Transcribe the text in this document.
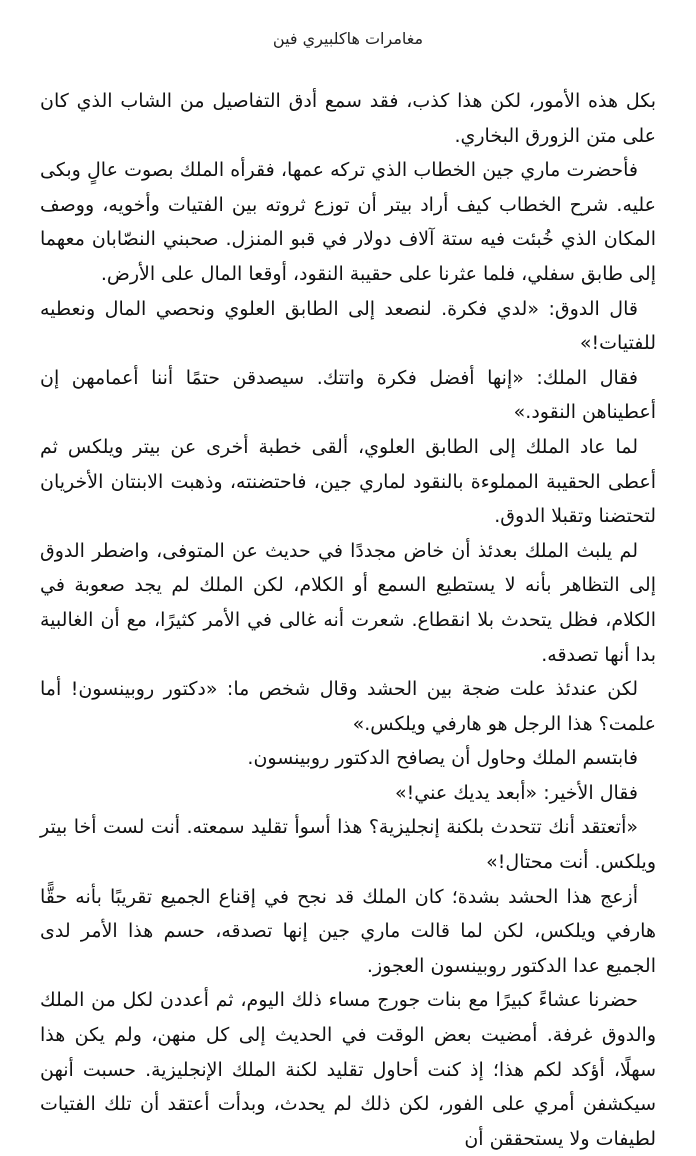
مغامرات هاكلبيري فين

بكل هذه الأمور، لكن هذا كذب، فقد سمع أدق التفاصيل من الشاب الذي كان على متن الزورق البخاري.

فأحضرت ماري جين الخطاب الذي تركه عمها، فقرأه الملك بصوت عالٍ وبكى عليه. شرح الخطاب كيف أراد بيتر أن توزع ثروته بين الفتيات وأخويه، ووصف المكان الذي خُبئت فيه ستة آلاف دولار في قبو المنزل. صحبني النصّابان معهما إلى طابق سفلي، فلما عثرنا على حقيبة النقود، أوقعا المال على الأرض.

قال الدوق: «لدي فكرة. لنصعد إلى الطابق العلوي ونحصي المال ونعطيه للفتيات!»

فقال الملك: «إنها أفضل فكرة واتتك. سيصدقن حتمًا أننا أعمامهن إن أعطيناهن النقود.»

لما عاد الملك إلى الطابق العلوي، ألقى خطبة أخرى عن بيتر ويلكس ثم أعطى الحقيبة المملوءة بالنقود لماري جين، فاحتضنته، وذهبت الابنتان الأخريان لتحتضنا وتقبلا الدوق.

لم يلبث الملك بعدئذ أن خاض مجددًا في حديث عن المتوفى، واضطر الدوق إلى التظاهر بأنه لا يستطيع السمع أو الكلام، لكن الملك لم يجد صعوبة في الكلام، فظل يتحدث بلا انقطاع. شعرت أنه غالى في الأمر كثيرًا، مع أن الغالبية بدا أنها تصدقه.

لكن عندئذ علت ضجة بين الحشد وقال شخص ما: «دكتور روبينسون! أما علمت؟ هذا الرجل هو هارفي ويلكس.»

فابتسم الملك وحاول أن يصافح الدكتور روبينسون.

فقال الأخير: «أبعد يديك عني!»

«أتعتقد أنك تتحدث بلكنة إنجليزية؟ هذا أسوأ تقليد سمعته. أنت لست أخا بيتر ويلكس. أنت محتال!»

أزعج هذا الحشد بشدة؛ كان الملك قد نجح في إقناع الجميع تقريبًا بأنه حقًّا هارفي ويلكس، لكن لما قالت ماري جين إنها تصدقه، حسم هذا الأمر لدى الجميع عدا الدكتور روبينسون العجوز.

حضرنا عشاءً كبيرًا مع بنات جورج مساء ذلك اليوم، ثم أعددن لكل من الملك والدوق غرفة. أمضيت بعض الوقت في الحديث إلى كل منهن، ولم يكن هذا سهلًا، أؤكد لكم هذا؛ إذ كنت أحاول تقليد لكنة الملك الإنجليزية. حسبت أنهن سيكشفن أمري على الفور، لكن ذلك لم يحدث، وبدأت أعتقد أن تلك الفتيات لطيفات ولا يستحققن أن
